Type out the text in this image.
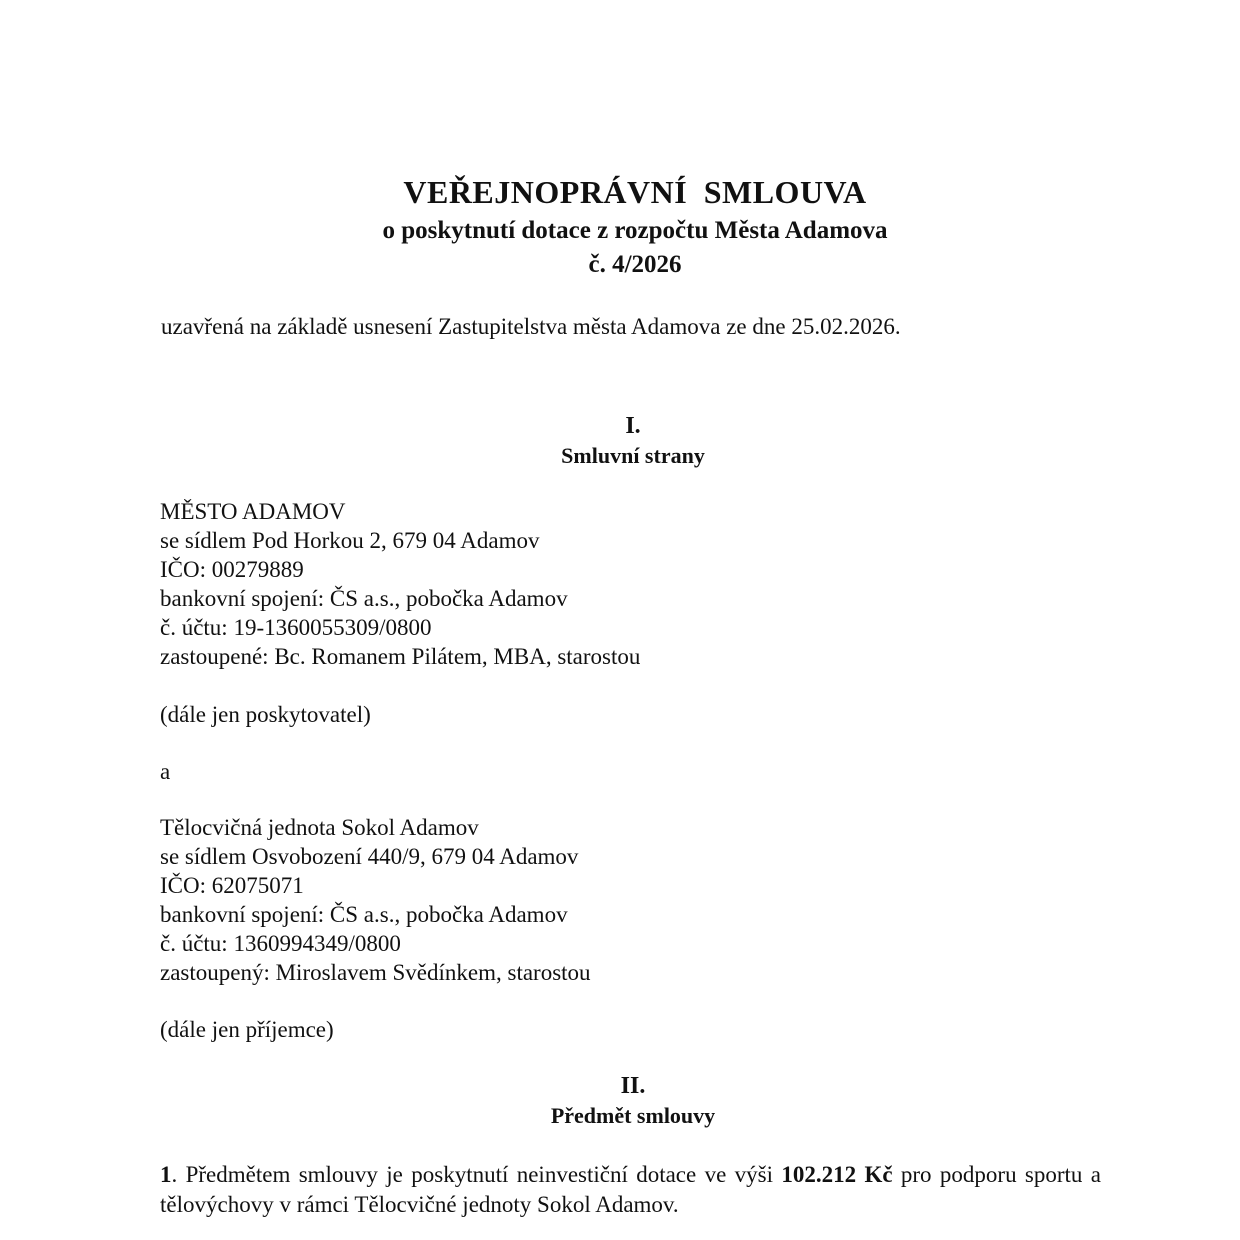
VEŘEJNOPRÁVNÍ SMLOUVA
o poskytnutí dotace z rozpočtu Města Adamova
č. 4/2026
uzavřená na základě usnesení Zastupitelstva města Adamova ze dne 25.02.2026.
I.
Smluvní strany
MĚSTO ADAMOV
se sídlem Pod Horkou 2, 679 04 Adamov
IČO: 00279889
bankovní spojení: ČS a.s., pobočka Adamov
č. účtu: 19-1360055309/0800
zastoupené: Bc. Romanem Pilátem, MBA, starostou
(dále jen poskytovatel)
a
Tělocvičná jednota Sokol Adamov
se sídlem Osvobození 440/9, 679 04 Adamov
IČO: 62075071
bankovní spojení: ČS a.s., pobočka Adamov
č. účtu: 1360994349/0800
zastoupený: Miroslavem Svědínkem, starostou
(dále jen příjemce)
II.
Předmět smlouvy
1. Předmětem smlouvy je poskytnutí neinvestiční dotace ve výši 102.212 Kč pro podporu sportu a tělovýchovy v rámci Tělocvičné jednoty Sokol Adamov.
